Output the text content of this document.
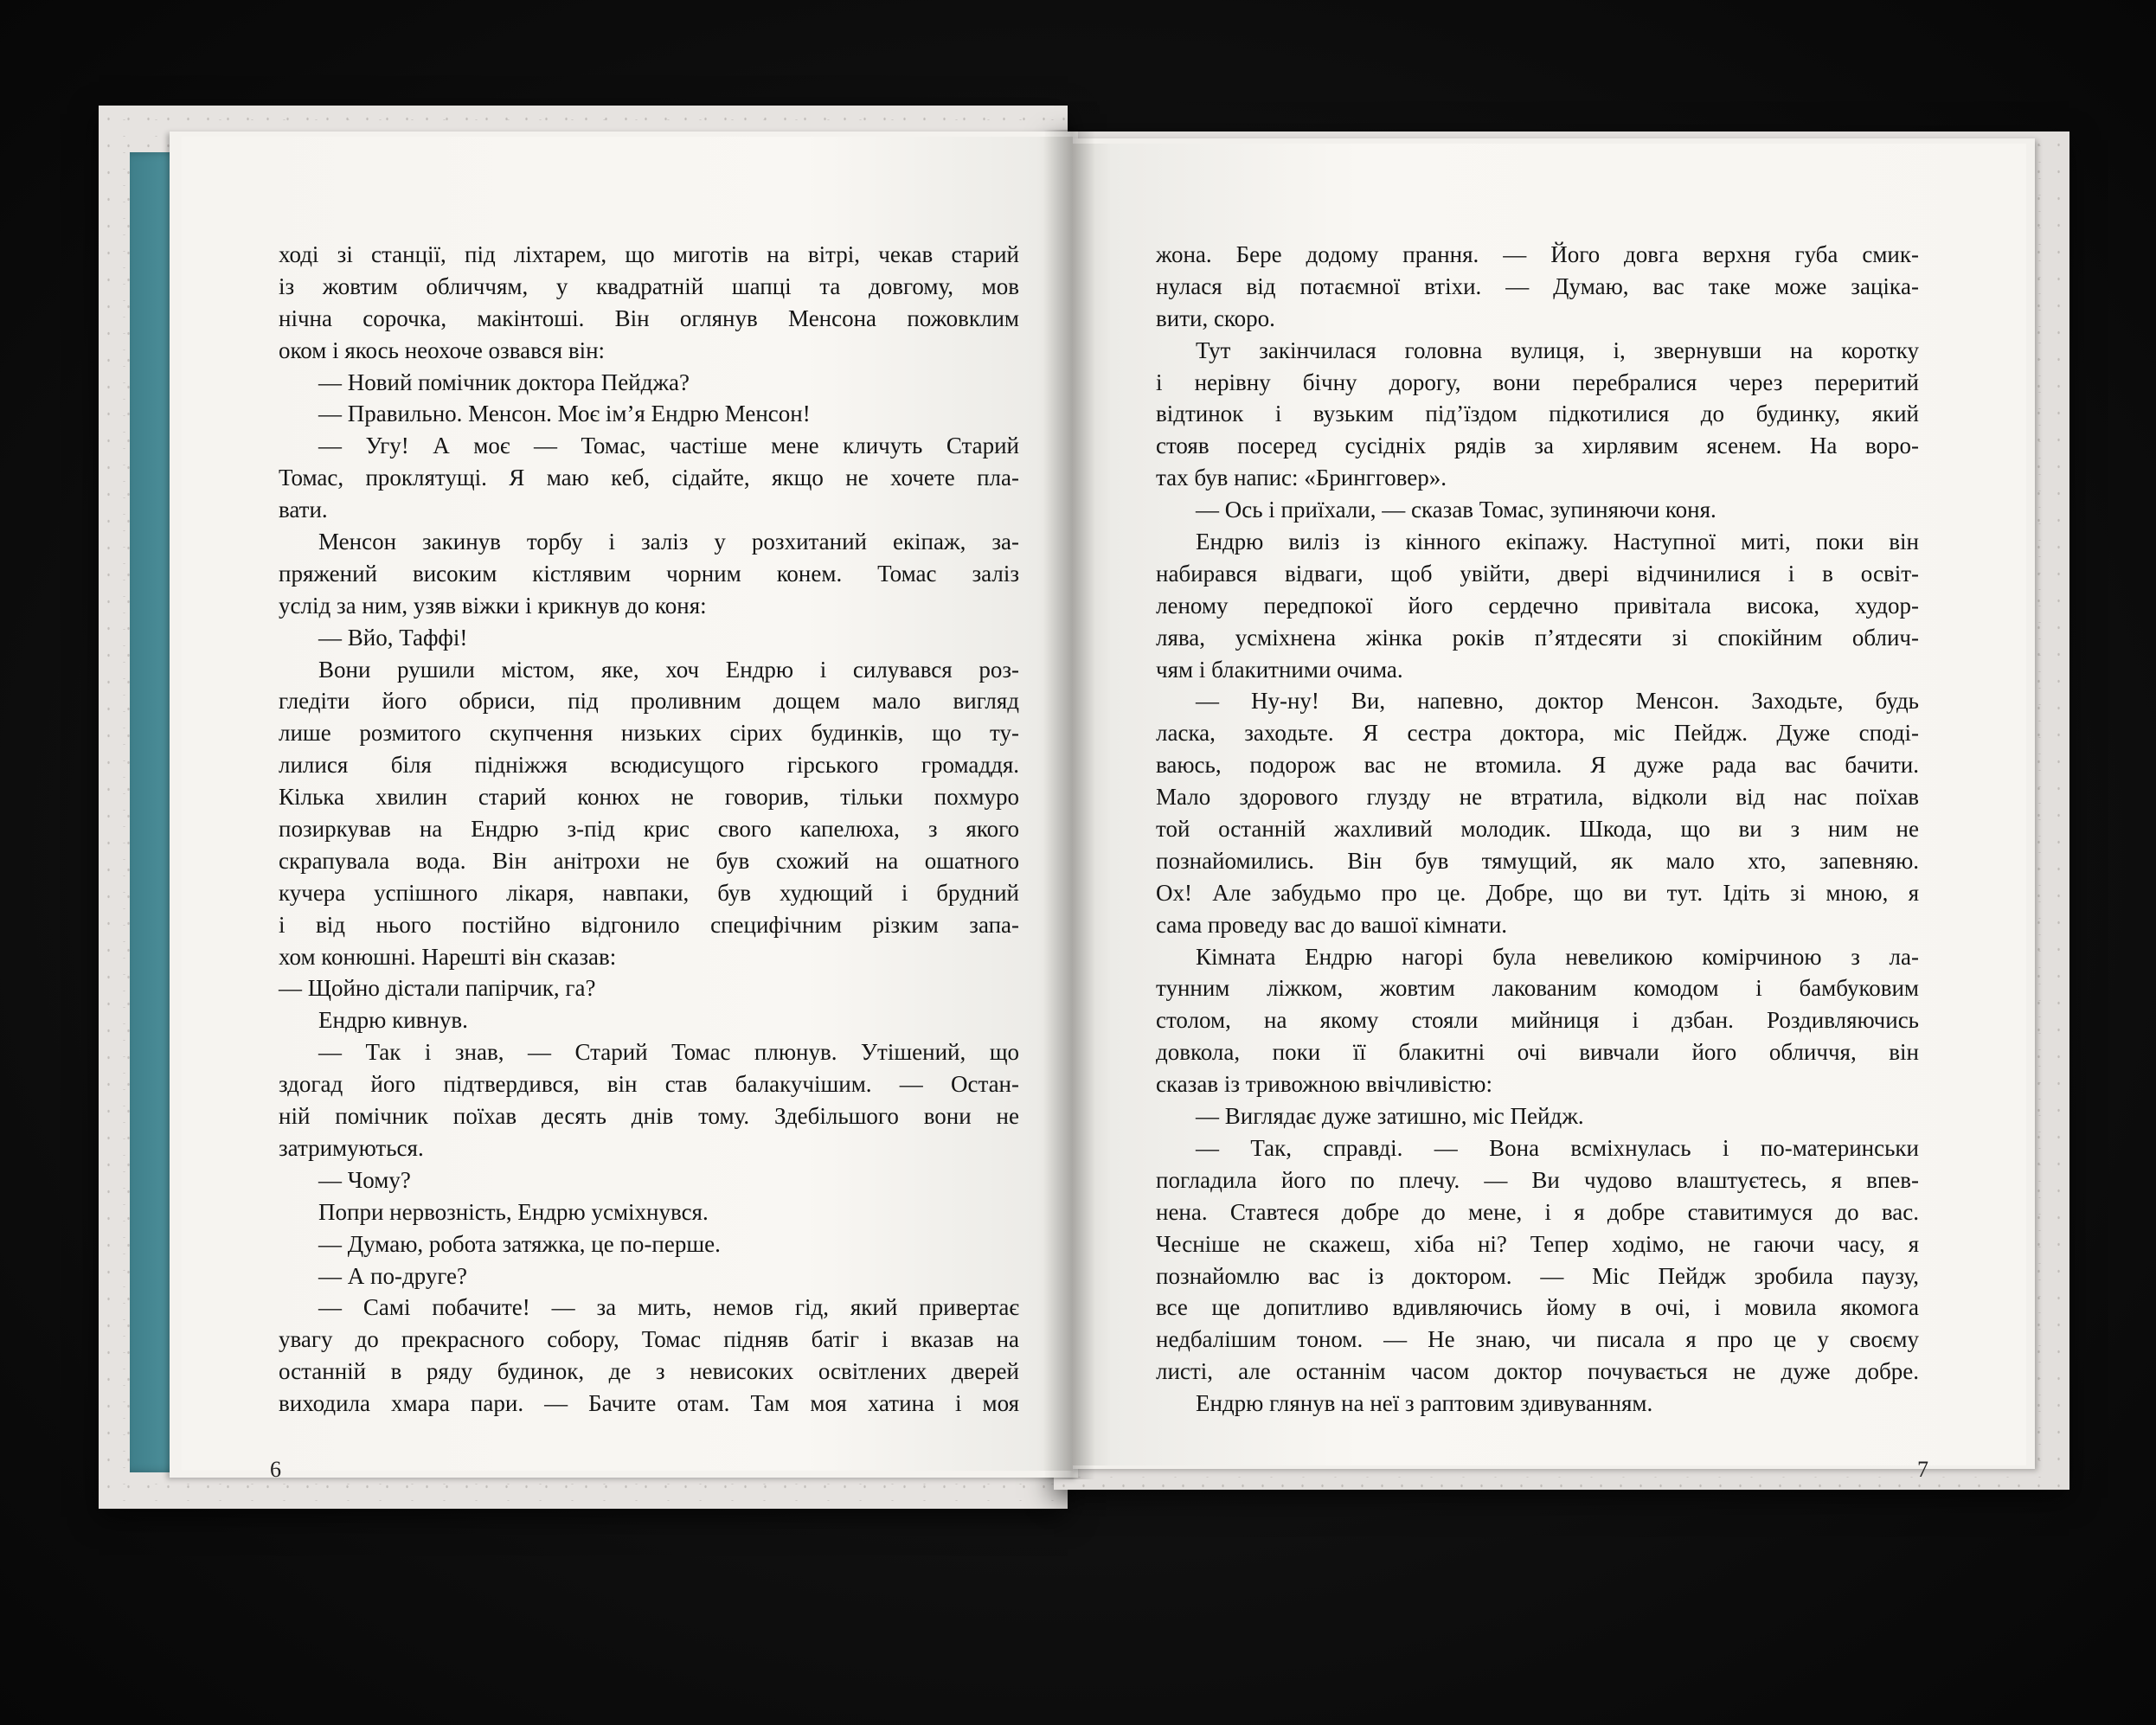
ході зі станції, під ліхтарем, що миготів на вітрі, чекав старий
із жовтим обличчям, у квадратній шапці та довгому, мов
нічна сорочка, макінтоші. Він оглянув Менсона пожовклим
оком і якось неохоче озвався він:
— Новий помічник доктора Пейджа?
— Правильно. Менсон. Моє ім’я Ендрю Менсон!
— Угу! А моє — Томас, частіше мене кличуть Старий
Томас, проклятущі. Я маю кеб, сідайте, якщо не хочете пла-
вати.
Менсон закинув торбу і заліз у розхитаний екіпаж, за-
пряжений високим кістлявим чорним конем. Томас заліз
услід за ним, узяв віжки і крикнув до коня:
— Вйо, Таффі!
Вони рушили містом, яке, хоч Ендрю і силувався роз-
гледіти його обриси, під проливним дощем мало вигляд
лише розмитого скупчення низьких сірих будинків, що ту-
лилися біля підніжжя всюдисущого гірського громаддя.
Кілька хвилин старий конюх не говорив, тільки похмуро
позиркував на Ендрю з-під крис свого капелюха, з якого
скрапувала вода. Він анітрохи не був схожий на ошатного
кучера успішного лікаря, навпаки, був худющий і брудний
і від нього постійно відгонило специфічним різким запа-
хом конюшні. Нарешті він сказав:
— Щойно дістали папірчик, га?
Ендрю кивнув.
— Так і знав, — Старий Томас плюнув. Утішений, що
здогад його підтвердився, він став балакучішим. — Остан-
ній помічник поїхав десять днів тому. Здебільшого вони не
затримуються.
— Чому?
Попри нервозність, Ендрю усміхнувся.
— Думаю, робота затяжка, це по-перше.
— А по-друге?
— Самі побачите! — за мить, немов гід, який привертає
увагу до прекрасного собору, Томас підняв батіг і вказав на
останній в ряду будинок, де з невисоких освітлених дверей
виходила хмара пари. — Бачите отам. Там моя хатина і моя
жона. Бере додому прання. — Його довга верхня губа смик-
нулася від потаємної втіхи. — Думаю, вас таке може зацікa-
вити, скоро.
Тут закінчилася головна вулиця, і, звернувши на коротку
і нерівну бічну дорогу, вони перебралися через переритий
відтинок і вузьким під’їздом підкотилися до будинку, який
стояв посеред сусідніх рядів за хирлявим ясенем. На воро-
тах був напис: «Брингговер».
— Ось і приїхали, — сказав Томас, зупиняючи коня.
Ендрю виліз із кінного екіпажу. Наступної миті, поки він
набирався відваги, щоб увійти, двері відчинилися і в освіт-
леному передпокої його сердечно привітала висока, худор-
лява, усміхнена жінка років п’ятдесяти зі спокійним облич-
чям і блакитними очима.
— Ну-ну! Ви, напевно, доктор Менсон. Заходьте, будь
ласка, заходьте. Я сестра доктора, міс Пейдж. Дуже споді-
ваюсь, подорож вас не втомила. Я дуже рада вас бачити.
Мало здорового глузду не втратила, відколи від нас поїхав
той останній жахливий молодик. Шкода, що ви з ним не
познайомились. Він був тямущий, як мало хто, запевняю.
Ох! Але забудьмо про це. Добре, що ви тут. Ідіть зі мною, я
сама проведу вас до вашої кімнати.
Кімната Ендрю нагорі була невеликою комірчиною з ла-
тунним ліжком, жовтим лакованим комодом і бамбуковим
столом, на якому стояли мийниця і дзбан. Роздивляючись
довкола, поки її блакитні очі вивчали його обличчя, він
сказав із тривожною ввічливістю:
— Виглядає дуже затишно, міс Пейдж.
— Так, справді. — Вона всміхнулась і по-материнськи
погладила його по плечу. — Ви чудово влаштуєтесь, я впев-
нена. Ставтеся добре до мене, і я добре ставитимуся до вас.
Чесніше не скажеш, хіба ні? Тепер ходімо, не гаючи часу, я
познайомлю вас із доктором. — Міс Пейдж зробила паузу,
все ще допитливо вдивляючись йому в очі, і мовила якомога
недбалішим тоном. — Не знаю, чи писала я про це у своєму
листі, але останнім часом доктор почувається не дуже добре.
Ендрю глянув на неї з раптовим здивуванням.
6	7
